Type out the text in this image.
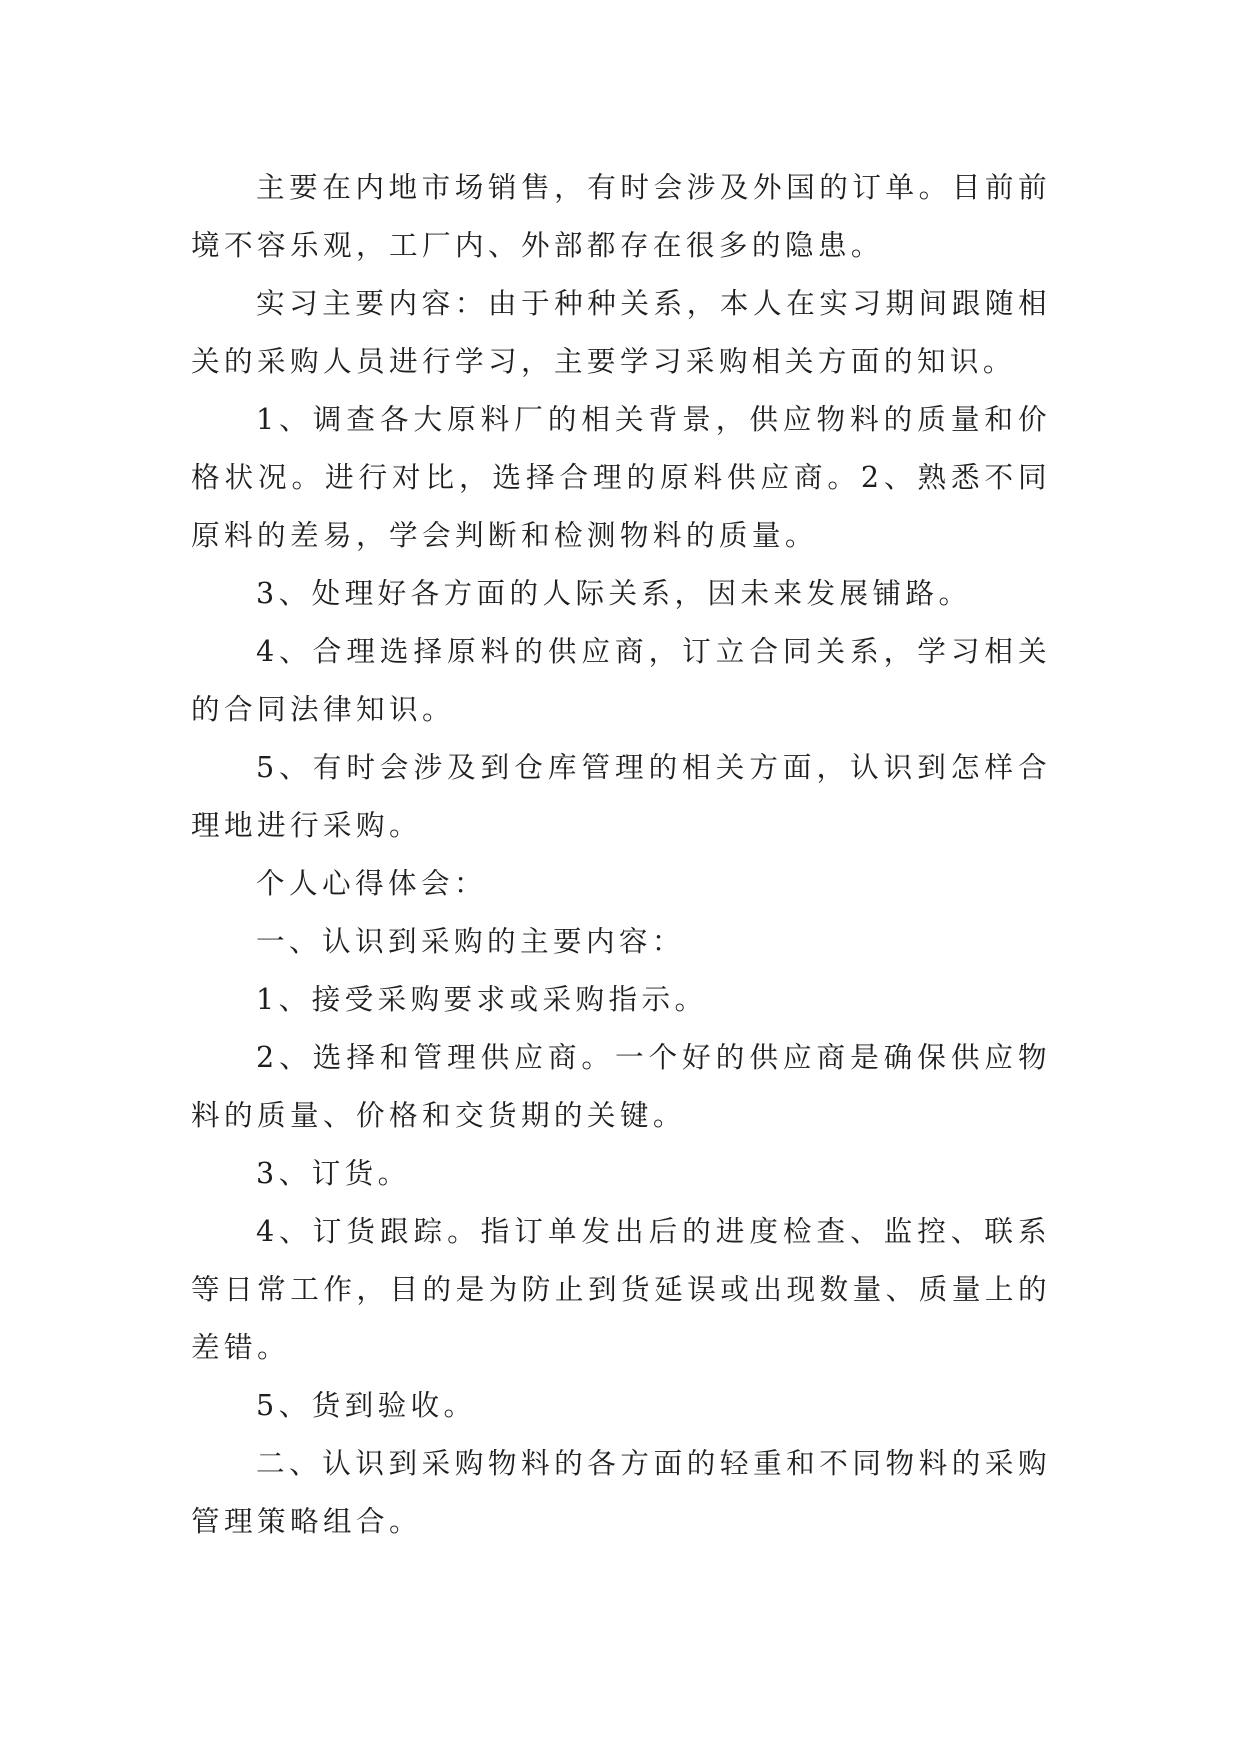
主要在内地市场销售，有时会涉及外国的订单。目前前境不容乐观，工厂内、外部都存在很多的隐患。

实习主要内容：由于种种关系，本人在实习期间跟随相关的采购人员进行学习，主要学习采购相关方面的知识。

1、调查各大原料厂的相关背景，供应物料的质量和价格状况。进行对比，选择合理的原料供应商。2、熟悉不同原料的差易，学会判断和检测物料的质量。

3、处理好各方面的人际关系，因未来发展铺路。

4、合理选择原料的供应商，订立合同关系，学习相关的合同法律知识。

5、有时会涉及到仓库管理的相关方面，认识到怎样合理地进行采购。

个人心得体会：

一、认识到采购的主要内容：

1、接受采购要求或采购指示。

2、选择和管理供应商。一个好的供应商是确保供应物料的质量、价格和交货期的关键。

3、订货。

4、订货跟踪。指订单发出后的进度检查、监控、联系等日常工作，目的是为防止到货延误或出现数量、质量上的差错。

5、货到验收。

二、认识到采购物料的各方面的轻重和不同物料的采购管理策略组合。
